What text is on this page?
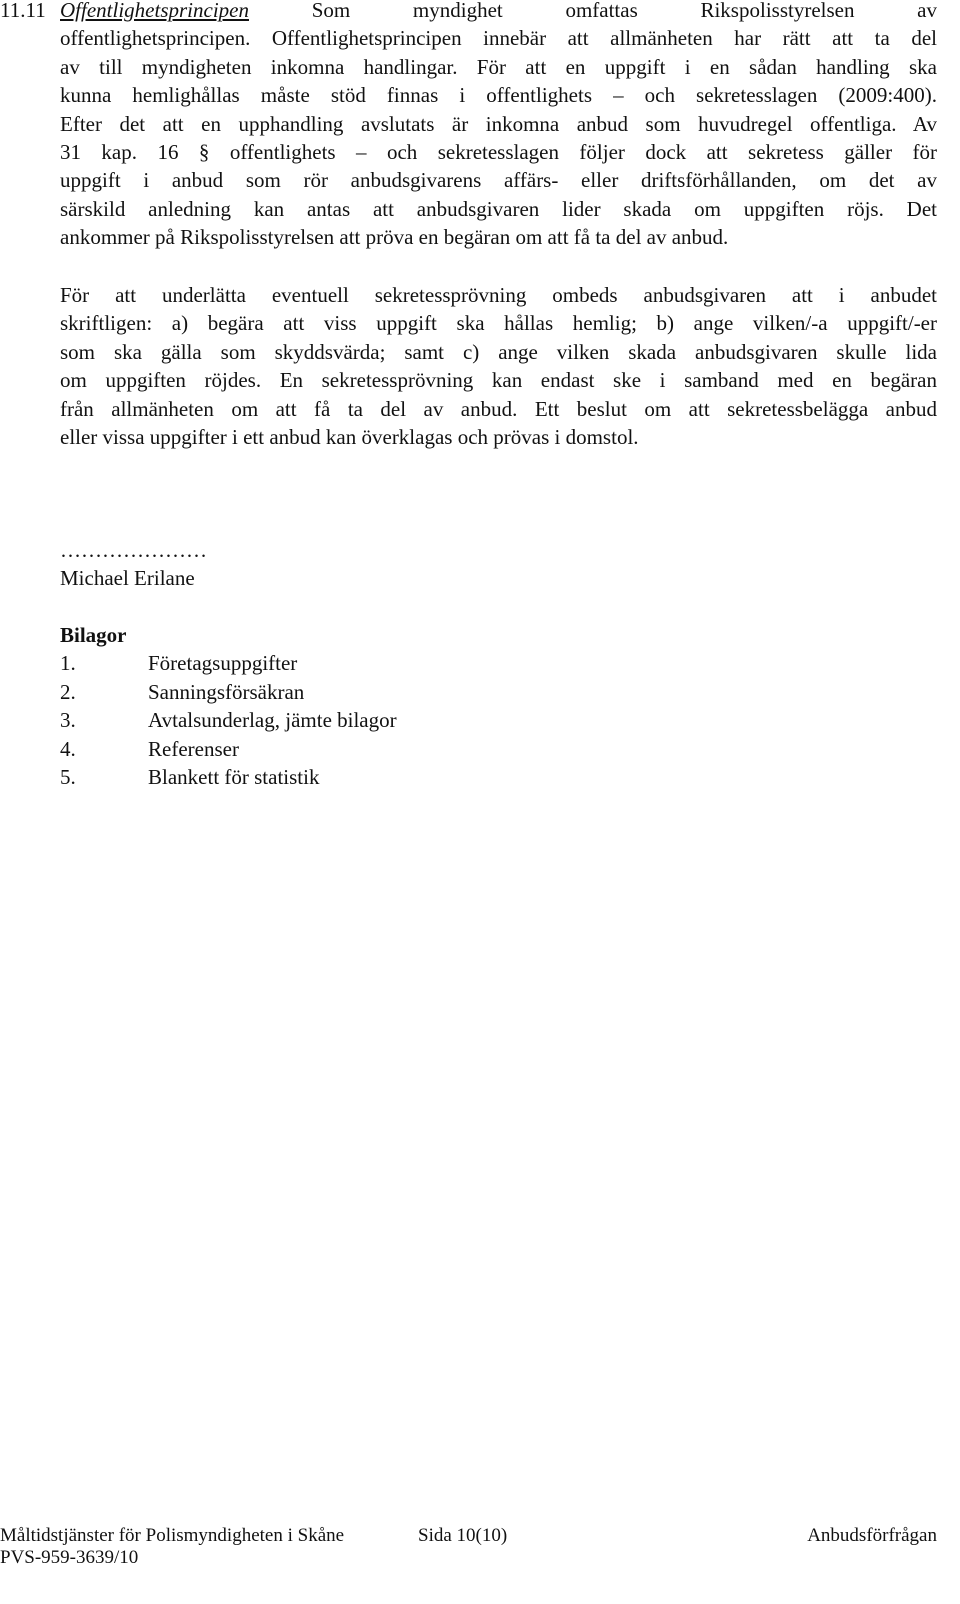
11.11 Offentlighetsprincipen	Som myndighet omfattas Rikspolisstyrelsen av
offentlighetsprincipen. Offentlighetsprincipen innebär att allmänheten har rätt att ta del
av till myndigheten inkomna handlingar. För att en uppgift i en sådan handling ska
kunna hemlighållas måste stöd finnas i offentlighets – och sekretesslagen (2009:400).
Efter det att en upphandling avslutats är inkomna anbud som huvudregel offentliga. Av
31 kap. 16 § offentlighets – och sekretesslagen följer dock att sekretess gäller för
uppgift i anbud som rör anbudsgivarens affärs- eller driftsförhållanden, om det av
särskild anledning kan antas att anbudsgivaren lider skada om uppgiften röjs. Det
ankommer på Rikspolisstyrelsen att pröva en begäran om att få ta del av anbud.
För att underlätta eventuell sekretessprövning ombeds anbudsgivaren att i anbudet
skriftligen: a) begära att viss uppgift ska hållas hemlig; b) ange vilken/-a uppgift/-er
som ska gälla som skyddsvärda; samt c) ange vilken skada anbudsgivaren skulle lida
om uppgiften röjdes. En sekretessprövning kan endast ske i samband med en begäran
från allmänheten om att få ta del av anbud. Ett beslut om att sekretessbelägga anbud
eller vissa uppgifter i ett anbud kan överklagas och prövas i domstol.
…………………
Michael Erilane
Bilagor
1.	Företagsuppgifter
2.	Sanningsförsäkran
3.	Avtalsunderlag, jämte bilagor
4.	Referenser
5.	Blankett för statistik
Måltidstjänster för Polismyndigheten i Skåne	Sida 10(10)	Anbudsförfrågan
PVS-959-3639/10
